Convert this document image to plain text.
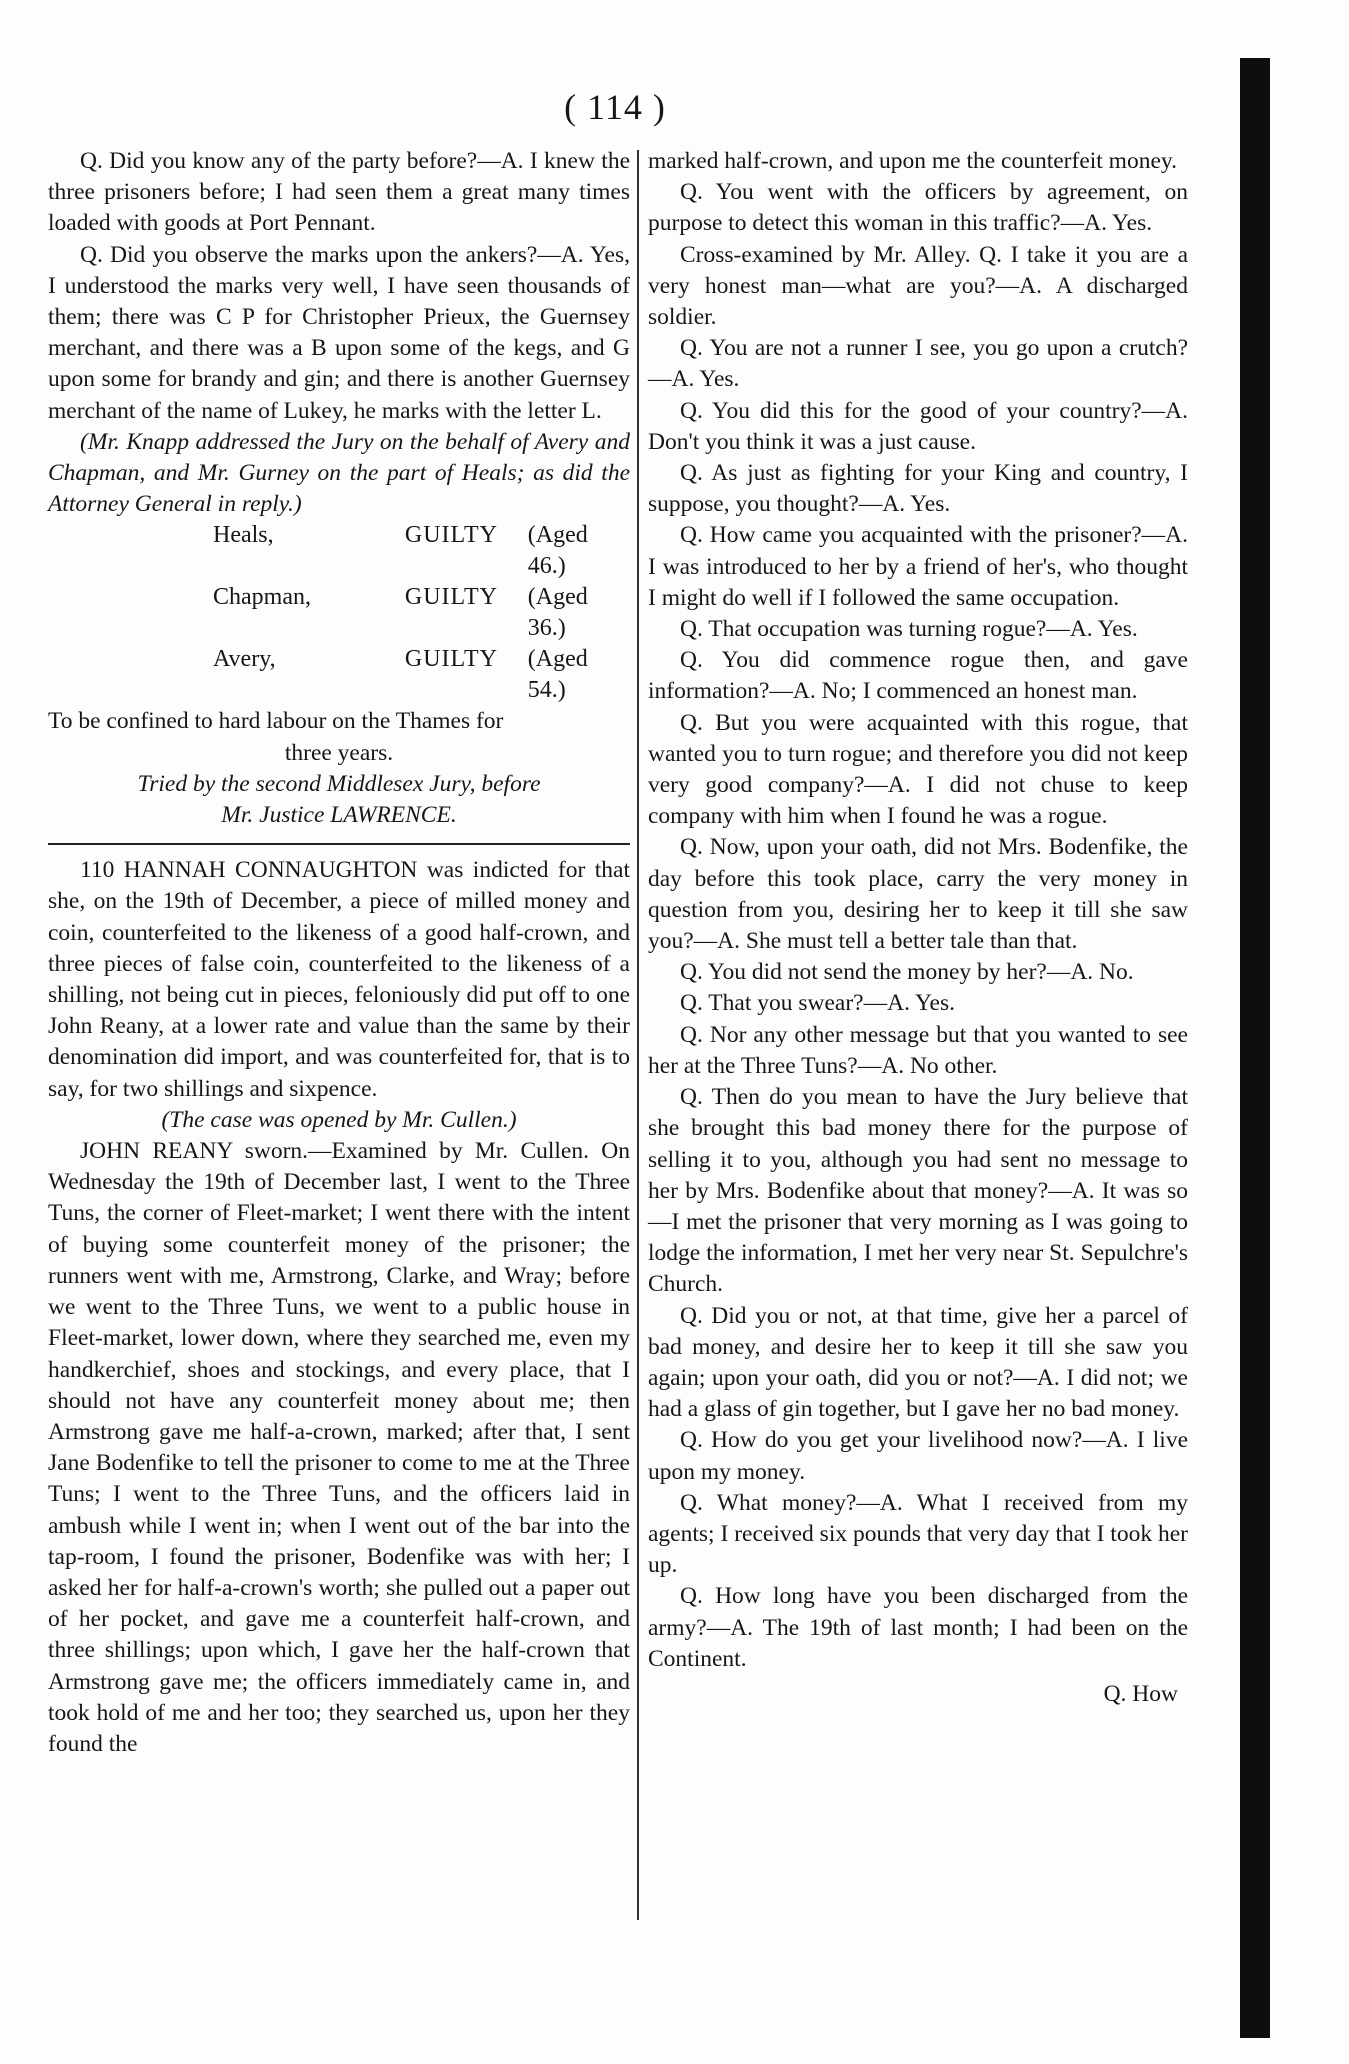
( 114 )

Q. Did you know any of the party before?—A. I knew the three prisoners before; I had seen them a great many times loaded with goods at Port Pennant.

Q. Did you observe the marks upon the ankers?—A. Yes, I understood the marks very well, I have seen thousands of them; there was C P for Christopher Prieux, the Guernsey merchant, and there was a B upon some of the kegs, and G upon some for brandy and gin; and there is another Guernsey merchant of the name of Lukey, he marks with the letter L.

(Mr. Knapp addressed the Jury on the behalf of Avery and Chapman, and Mr. Gurney on the part of Heals; as did the Attorney General in reply.)

Heals,	GUILTY	(Aged 46.)
Chapman,	GUILTY	(Aged 36.)
Avery,	GUILTY	(Aged 54.)

To be confined to hard labour on the Thames for

three years.

Tried by the second Middlesex Jury, before

Mr. Justice LAWRENCE.

110 HANNAH CONNAUGHTON was indicted for that she, on the 19th of December, a piece of milled money and coin, counterfeited to the likeness of a good half-crown, and three pieces of false coin, counterfeited to the likeness of a shilling, not being cut in pieces, feloniously did put off to one John Reany, at a lower rate and value than the same by their denomination did import, and was counterfeited for, that is to say, for two shillings and sixpence.

(The case was opened by Mr. Cullen.)

JOHN REANY sworn.—Examined by Mr. Cullen. On Wednesday the 19th of December last, I went to the Three Tuns, the corner of Fleet-market; I went there with the intent of buying some counterfeit money of the prisoner; the runners went with me, Armstrong, Clarke, and Wray; before we went to the Three Tuns, we went to a public house in Fleet-market, lower down, where they searched me, even my handkerchief, shoes and stockings, and every place, that I should not have any counterfeit money about me; then Armstrong gave me half-a-crown, marked; after that, I sent Jane Bodenfike to tell the prisoner to come to me at the Three Tuns; I went to the Three Tuns, and the officers laid in ambush while I went in; when I went out of the bar into the tap-room, I found the prisoner, Bodenfike was with her; I asked her for half-a-crown's worth; she pulled out a paper out of her pocket, and gave me a counterfeit half-crown, and three shillings; upon which, I gave her the half-crown that Armstrong gave me; the officers immediately came in, and took hold of me and her too; they searched us, upon her they found the

marked half-crown, and upon me the counterfeit money.

Q. You went with the officers by agreement, on purpose to detect this woman in this traffic?—A. Yes.

Cross-examined by Mr. Alley. Q. I take it you are a very honest man—what are you?—A. A discharged soldier.

Q. You are not a runner I see, you go upon a crutch?—A. Yes.

Q. You did this for the good of your country?—A. Don't you think it was a just cause.

Q. As just as fighting for your King and country, I suppose, you thought?—A. Yes.

Q. How came you acquainted with the prisoner?—A. I was introduced to her by a friend of her's, who thought I might do well if I followed the same occupation.

Q. That occupation was turning rogue?—A. Yes.

Q. You did commence rogue then, and gave information?—A. No; I commenced an honest man.

Q. But you were acquainted with this rogue, that wanted you to turn rogue; and therefore you did not keep very good company?—A. I did not chuse to keep company with him when I found he was a rogue.

Q. Now, upon your oath, did not Mrs. Bodenfike, the day before this took place, carry the very money in question from you, desiring her to keep it till she saw you?—A. She must tell a better tale than that.

Q. You did not send the money by her?—A. No.

Q. That you swear?—A. Yes.

Q. Nor any other message but that you wanted to see her at the Three Tuns?—A. No other.

Q. Then do you mean to have the Jury believe that she brought this bad money there for the purpose of selling it to you, although you had sent no message to her by Mrs. Bodenfike about that money?—A. It was so—I met the prisoner that very morning as I was going to lodge the information, I met her very near St. Sepulchre's Church.

Q. Did you or not, at that time, give her a parcel of bad money, and desire her to keep it till she saw you again; upon your oath, did you or not?—A. I did not; we had a glass of gin together, but I gave her no bad money.

Q. How do you get your livelihood now?—A. I live upon my money.

Q. What money?—A. What I received from my agents; I received six pounds that very day that I took her up.

Q. How long have you been discharged from the army?—A. The 19th of last month; I had been on the Continent.

Q. How
